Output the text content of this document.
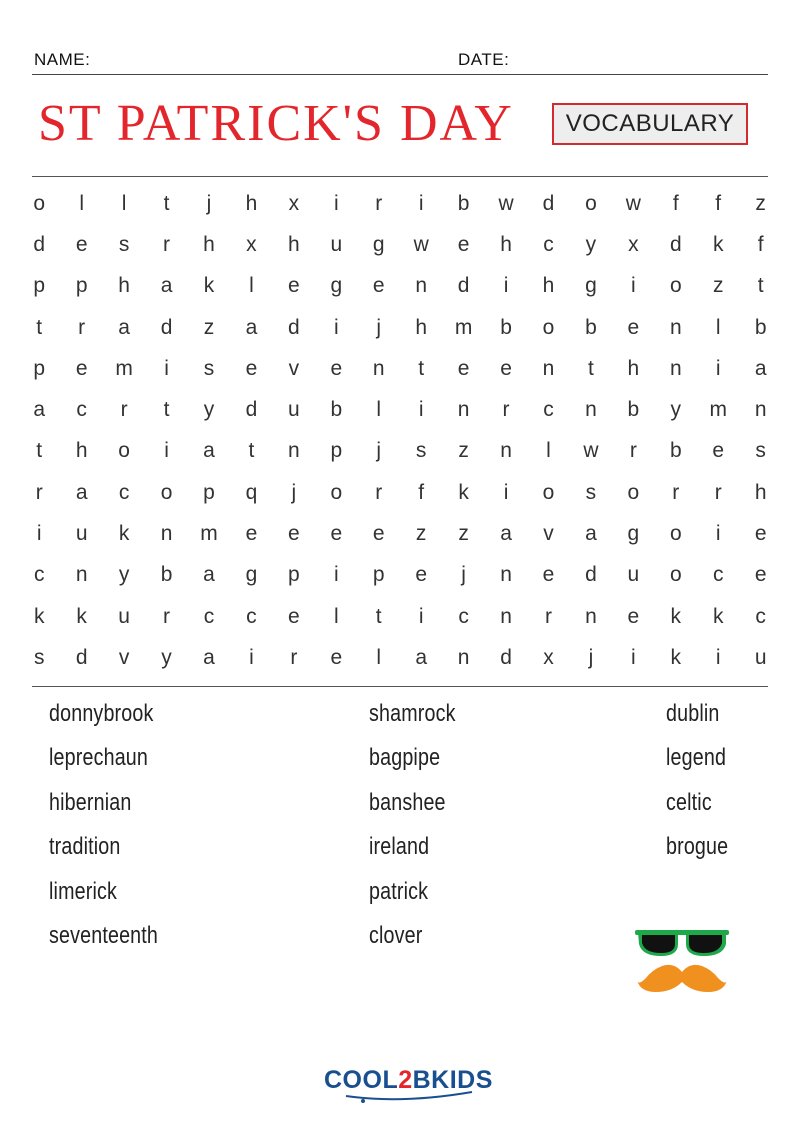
NAME:	DATE:
ST PATRICK'S DAY	VOCABULARY
o	l	l	t	j	h	x	i	r	i	b	w	d	o	w	f	f	z
d	e	s	r	h	x	h	u	g	w	e	h	c	y	x	d	k	f
p	p	h	a	k	l	e	g	e	n	d	i	h	g	i	o	z	t
t	r	a	d	z	a	d	i	j	h	m	b	o	b	e	n	l	b
p	e	m	i	s	e	v	e	n	t	e	e	n	t	h	n	i	a
a	c	r	t	y	d	u	b	l	i	n	r	c	n	b	y	m	n
t	h	o	i	a	t	n	p	j	s	z	n	l	w	r	b	e	s
r	a	c	o	p	q	j	o	r	f	k	i	o	s	o	r	r	h
i	u	k	n	m	e	e	e	e	z	z	a	v	a	g	o	i	e
c	n	y	b	a	g	p	i	p	e	j	n	e	d	u	o	c	e
k	k	u	r	c	c	e	l	t	i	c	n	r	n	e	k	k	c
s	d	v	y	a	i	r	e	l	a	n	d	x	j	i	k	i	u
donnybrook
leprechaun
hibernian
tradition
limerick
seventeenth
shamrock
bagpipe
banshee
ireland
patrick
clover
dublin
legend
celtic
brogue
COOL2BKIDS
